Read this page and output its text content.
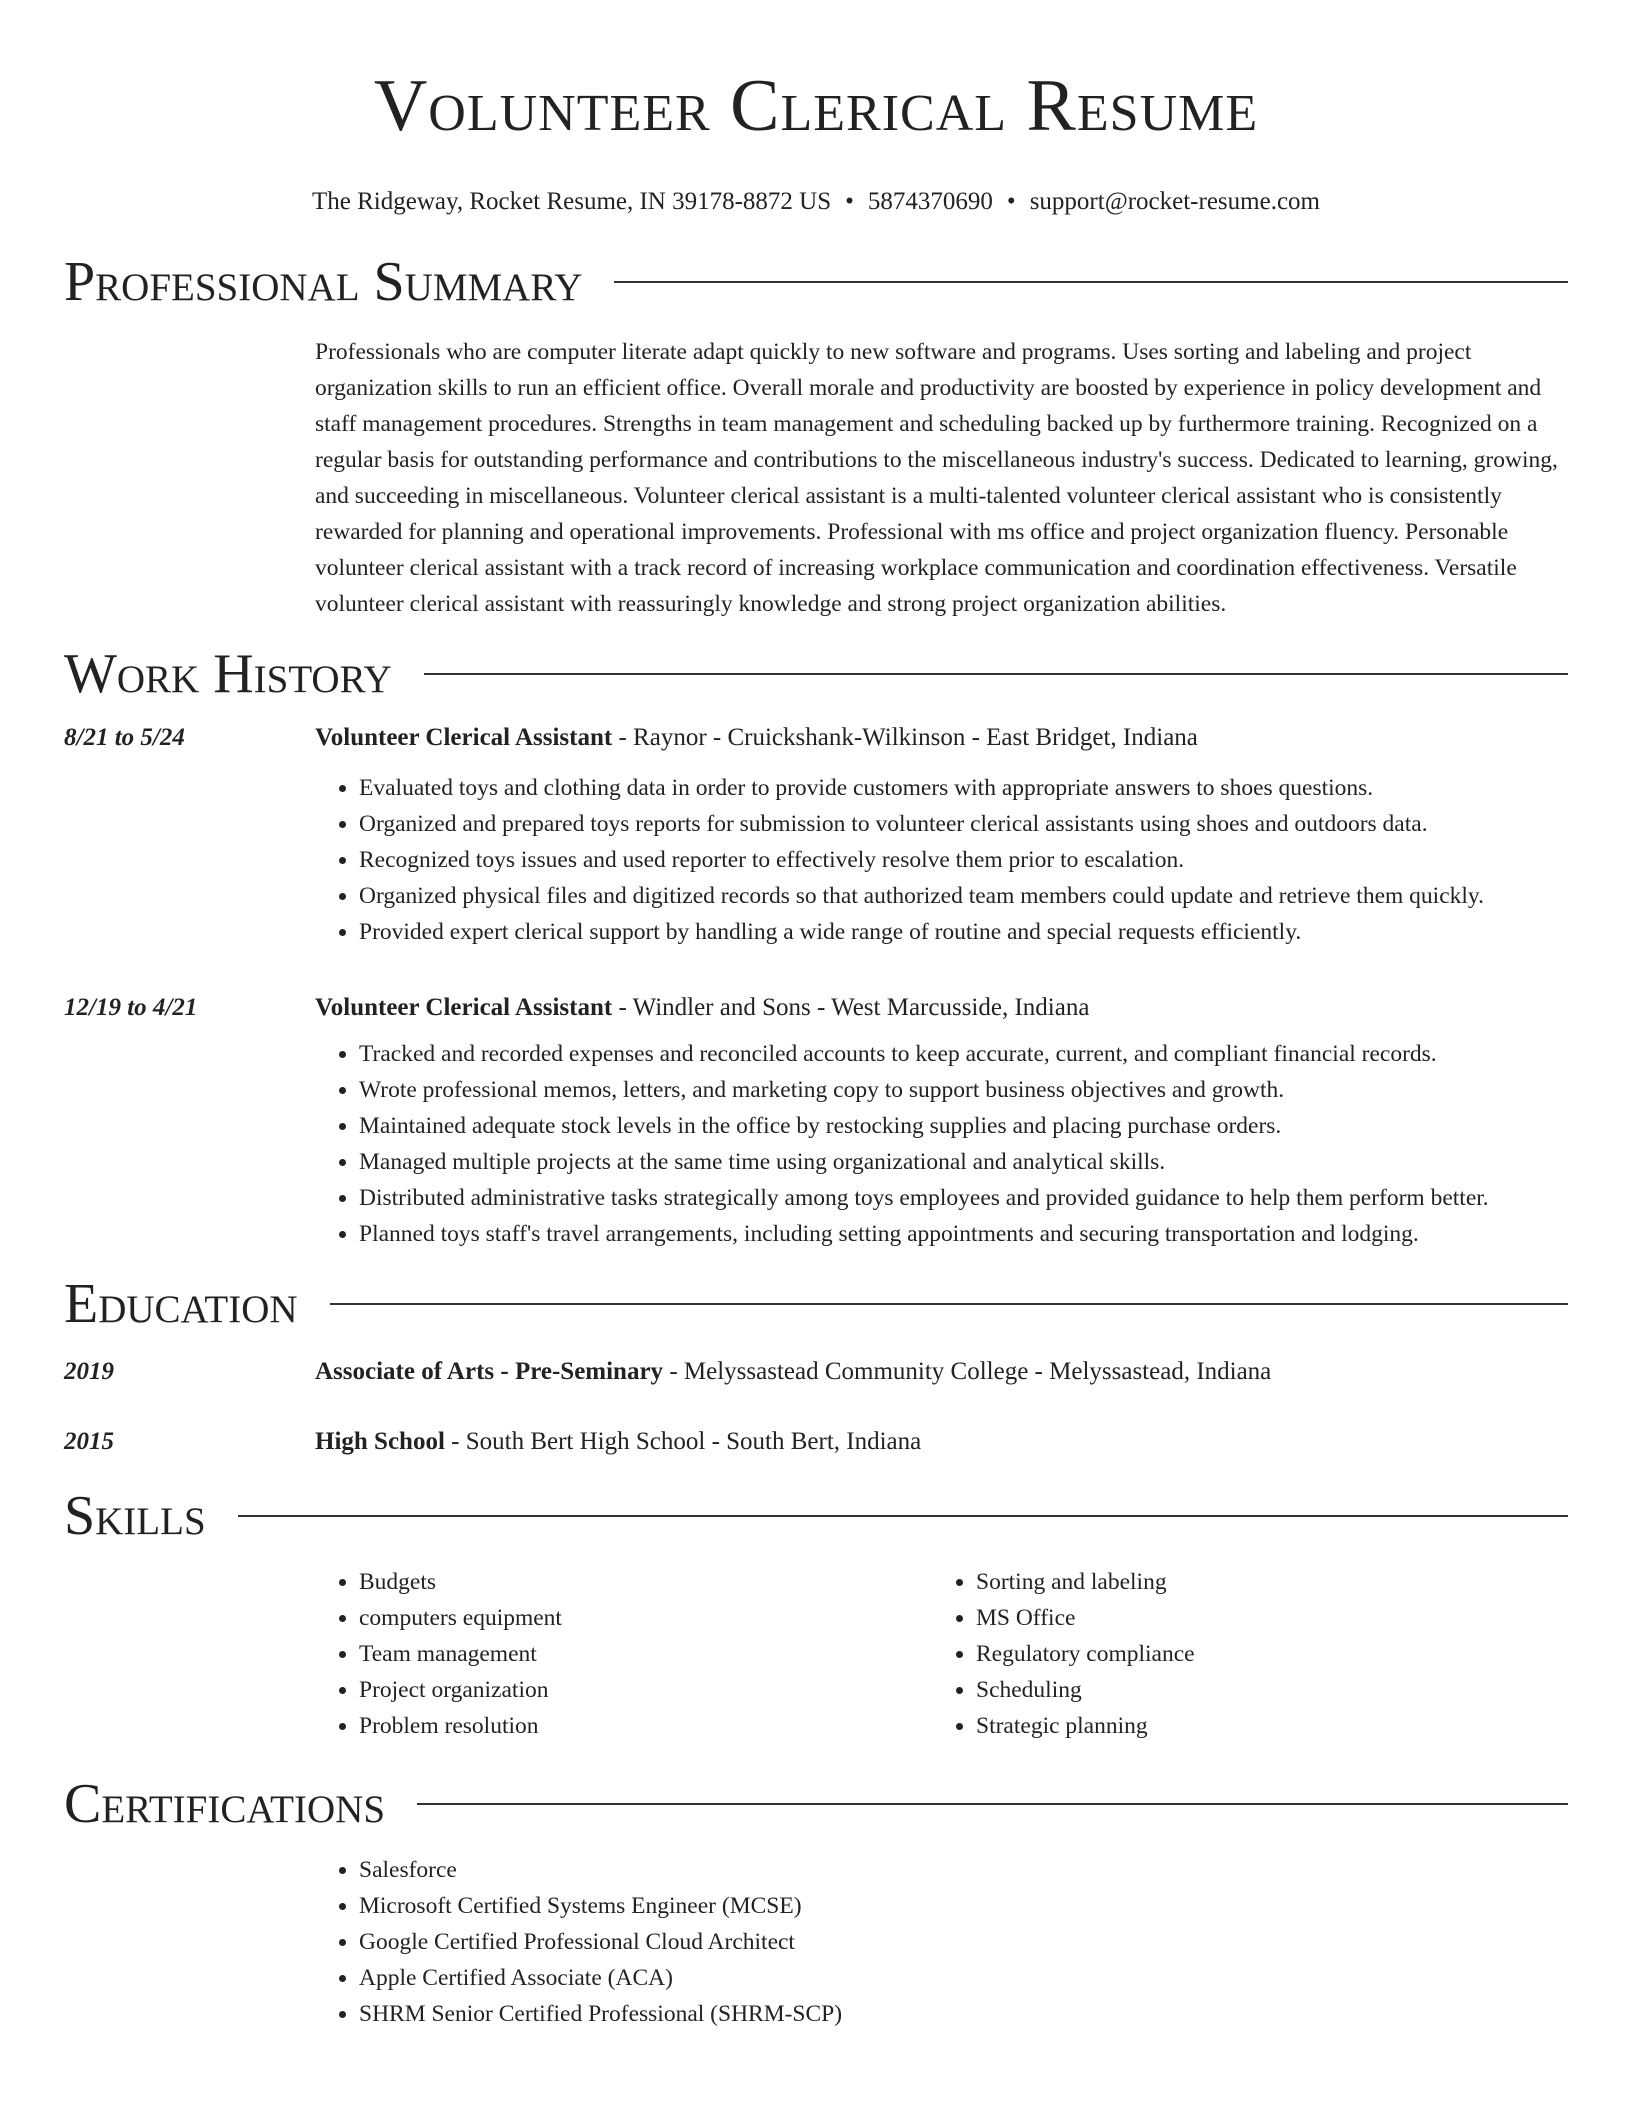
Volunteer Clerical Resume
The Ridgeway, Rocket Resume, IN 39178-8872 US • 5874370690 • support@rocket-resume.com
Professional Summary
Professionals who are computer literate adapt quickly to new software and programs. Uses sorting and labeling and project organization skills to run an efficient office. Overall morale and productivity are boosted by experience in policy development and staff management procedures. Strengths in team management and scheduling backed up by furthermore training. Recognized on a regular basis for outstanding performance and contributions to the miscellaneous industry's success. Dedicated to learning, growing, and succeeding in miscellaneous. Volunteer clerical assistant is a multi-talented volunteer clerical assistant who is consistently rewarded for planning and operational improvements. Professional with ms office and project organization fluency. Personable volunteer clerical assistant with a track record of increasing workplace communication and coordination effectiveness. Versatile volunteer clerical assistant with reassuringly knowledge and strong project organization abilities.
Work History
8/21 to 5/24	Volunteer Clerical Assistant - Raynor - Cruickshank-Wilkinson - East Bridget, Indiana
• Evaluated toys and clothing data in order to provide customers with appropriate answers to shoes questions.
• Organized and prepared toys reports for submission to volunteer clerical assistants using shoes and outdoors data.
• Recognized toys issues and used reporter to effectively resolve them prior to escalation.
• Organized physical files and digitized records so that authorized team members could update and retrieve them quickly.
• Provided expert clerical support by handling a wide range of routine and special requests efficiently.
12/19 to 4/21	Volunteer Clerical Assistant - Windler and Sons - West Marcusside, Indiana
• Tracked and recorded expenses and reconciled accounts to keep accurate, current, and compliant financial records.
• Wrote professional memos, letters, and marketing copy to support business objectives and growth.
• Maintained adequate stock levels in the office by restocking supplies and placing purchase orders.
• Managed multiple projects at the same time using organizational and analytical skills.
• Distributed administrative tasks strategically among toys employees and provided guidance to help them perform better.
• Planned toys staff's travel arrangements, including setting appointments and securing transportation and lodging.
Education
2019	Associate of Arts - Pre-Seminary - Melyssastead Community College - Melyssastead, Indiana
2015	High School - South Bert High School - South Bert, Indiana
Skills
• Budgets
• computers equipment
• Team management
• Project organization
• Problem resolution
• Sorting and labeling
• MS Office
• Regulatory compliance
• Scheduling
• Strategic planning
Certifications
• Salesforce
• Microsoft Certified Systems Engineer (MCSE)
• Google Certified Professional Cloud Architect
• Apple Certified Associate (ACA)
• SHRM Senior Certified Professional (SHRM-SCP)
